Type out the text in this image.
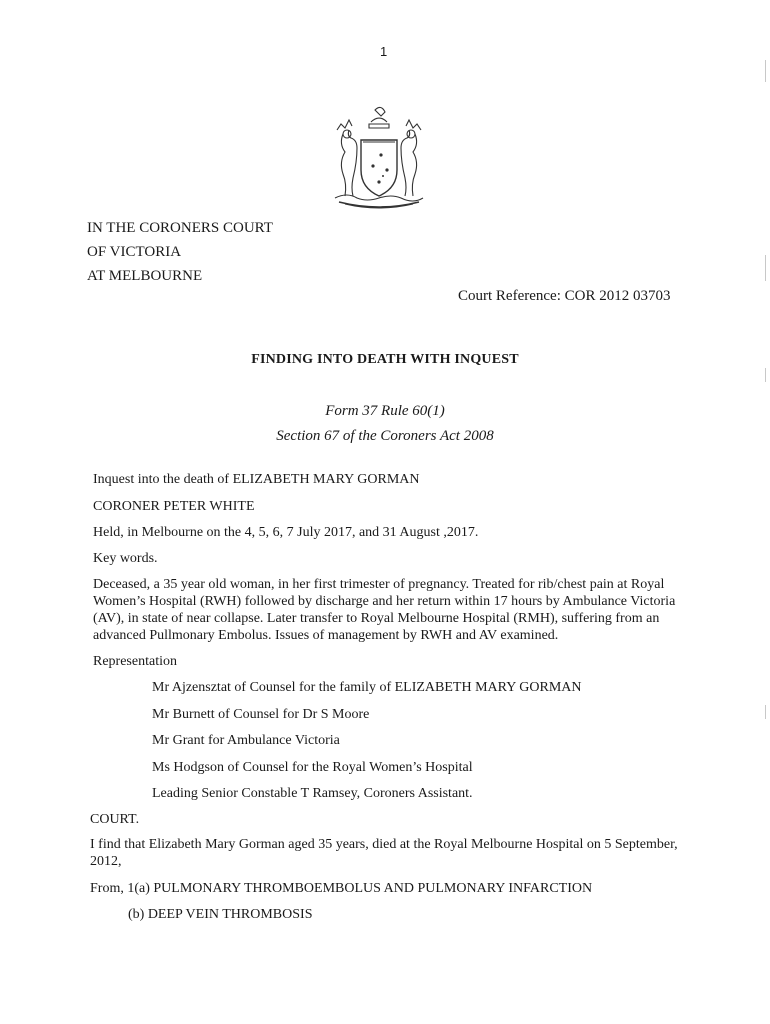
1
IN THE CORONERS COURT
OF VICTORIA
AT MELBOURNE
Court Reference: COR 2012 03703
FINDING INTO DEATH WITH INQUEST
Form 37 Rule 60(1)
Section 67 of the Coroners Act 2008
Inquest into the death of ELIZABETH MARY GORMAN
CORONER PETER WHITE
Held, in Melbourne on the 4, 5, 6, 7 July 2017, and 31 August ,2017.
Key words.
Deceased, a 35 year old woman, in her first trimester of pregnancy. Treated for rib/chest pain at Royal Women’s Hospital (RWH) followed by discharge and her return within 17 hours by Ambulance Victoria (AV), in state of near collapse. Later transfer to Royal Melbourne Hospital (RMH), suffering from an advanced Pullmonary Embolus. Issues of management by RWH and AV examined.
Representation
Mr Ajzensztat of Counsel for the family of ELIZABETH MARY GORMAN
Mr Burnett of Counsel for Dr S Moore
Mr Grant for Ambulance Victoria
Ms Hodgson of Counsel for the Royal Women’s Hospital
Leading Senior Constable T Ramsey, Coroners Assistant.
COURT.
I find that Elizabeth Mary Gorman aged 35 years, died at the Royal Melbourne Hospital on 5 September, 2012,
From, 1(a) PULMONARY THROMBOEMBOLUS AND PULMONARY INFARCTION
(b) DEEP VEIN THROMBOSIS
